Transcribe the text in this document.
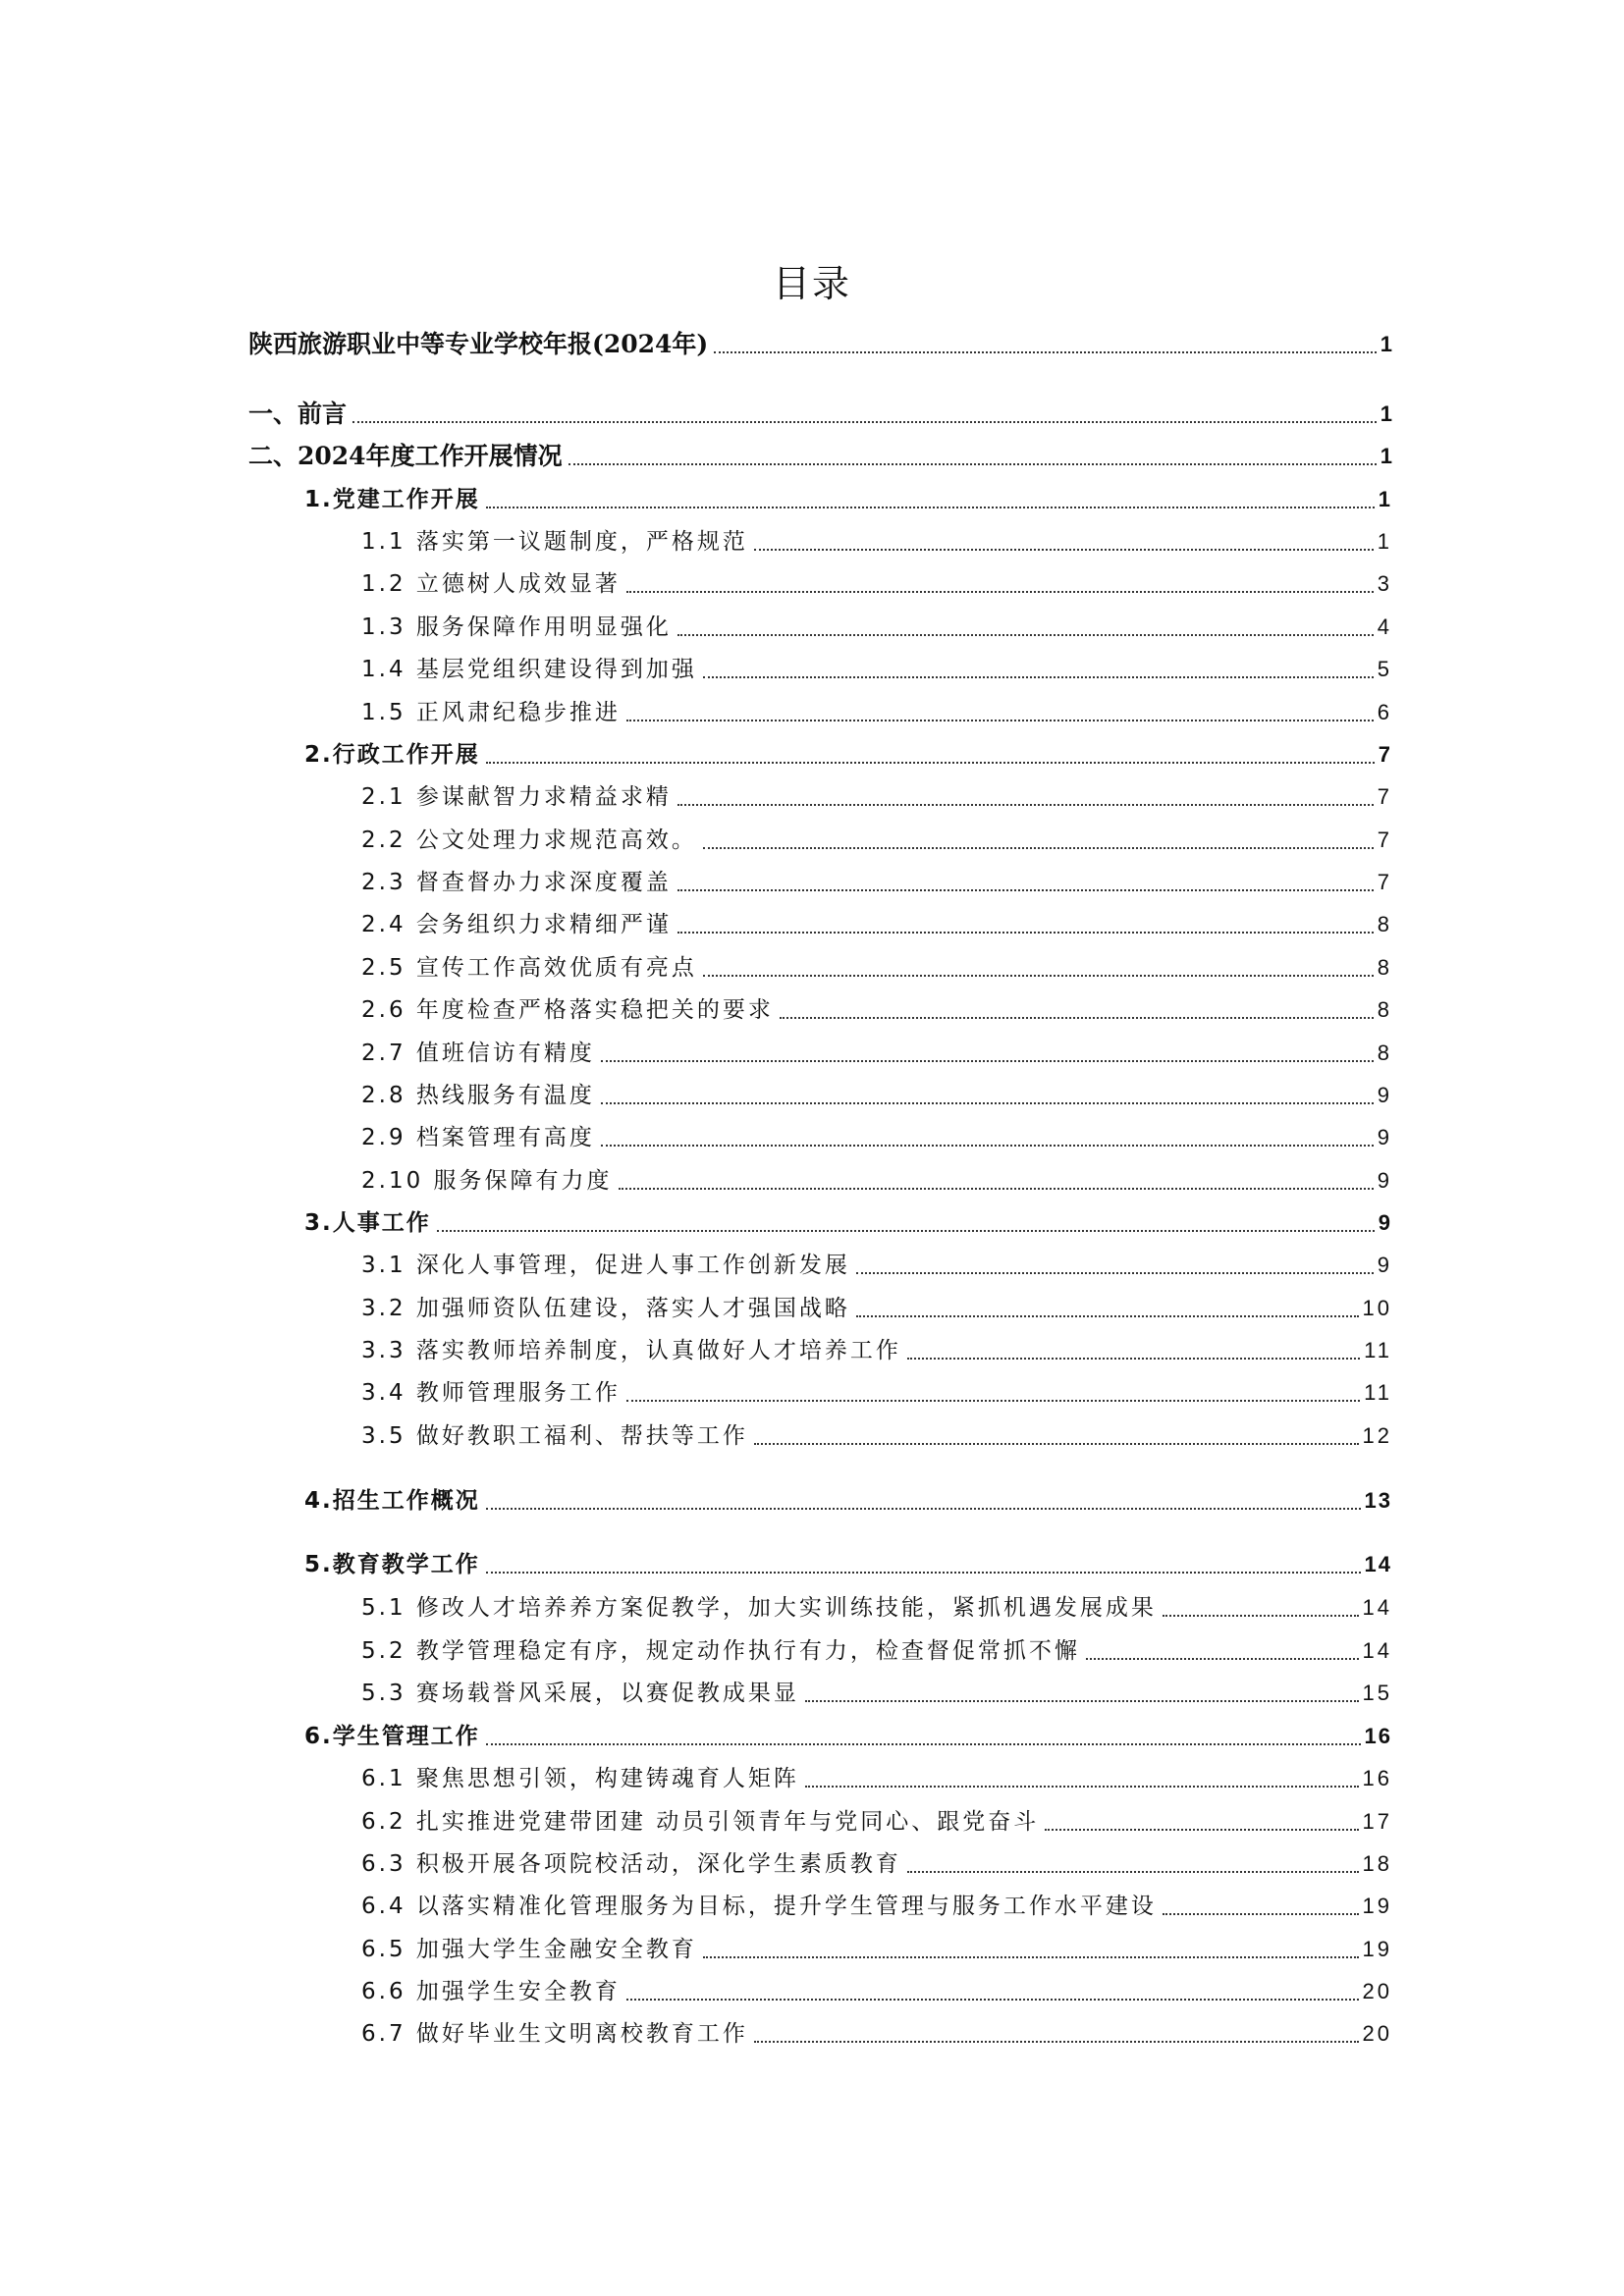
目录
陕西旅游职业中等专业学校年报(2024年)	1
一、前言	1
二、2024年度工作开展情况	1
1.党建工作开展	1
1.1 落实第一议题制度，严格规范	1
1.2 立德树人成效显著	3
1.3 服务保障作用明显强化	4
1.4 基层党组织建设得到加强	5
1.5 正风肃纪稳步推进	6
2.行政工作开展	7
2.1 参谋献智力求精益求精	7
2.2 公文处理力求规范高效。	7
2.3 督查督办力求深度覆盖	7
2.4 会务组织力求精细严谨	8
2.5 宣传工作高效优质有亮点	8
2.6 年度检查严格落实稳把关的要求	8
2.7 值班信访有精度	8
2.8 热线服务有温度	9
2.9 档案管理有高度	9
2.10 服务保障有力度	9
3.人事工作	9
3.1 深化人事管理，促进人事工作创新发展	9
3.2 加强师资队伍建设，落实人才强国战略	10
3.3 落实教师培养制度，认真做好人才培养工作	11
3.4 教师管理服务工作	11
3.5 做好教职工福利、帮扶等工作	12
4.招生工作概况	13
5.教育教学工作	14
5.1 修改人才培养养方案促教学，加大实训练技能，紧抓机遇发展成果	14
5.2 教学管理稳定有序，规定动作执行有力，检查督促常抓不懈	14
5.3 赛场载誉风采展，以赛促教成果显	15
6.学生管理工作	16
6.1 聚焦思想引领，构建铸魂育人矩阵	16
6.2 扎实推进党建带团建 动员引领青年与党同心、跟党奋斗	17
6.3 积极开展各项院校活动，深化学生素质教育	18
6.4 以落实精准化管理服务为目标，提升学生管理与服务工作水平建设	19
6.5 加强大学生金融安全教育	19
6.6 加强学生安全教育	20
6.7 做好毕业生文明离校教育工作	20
